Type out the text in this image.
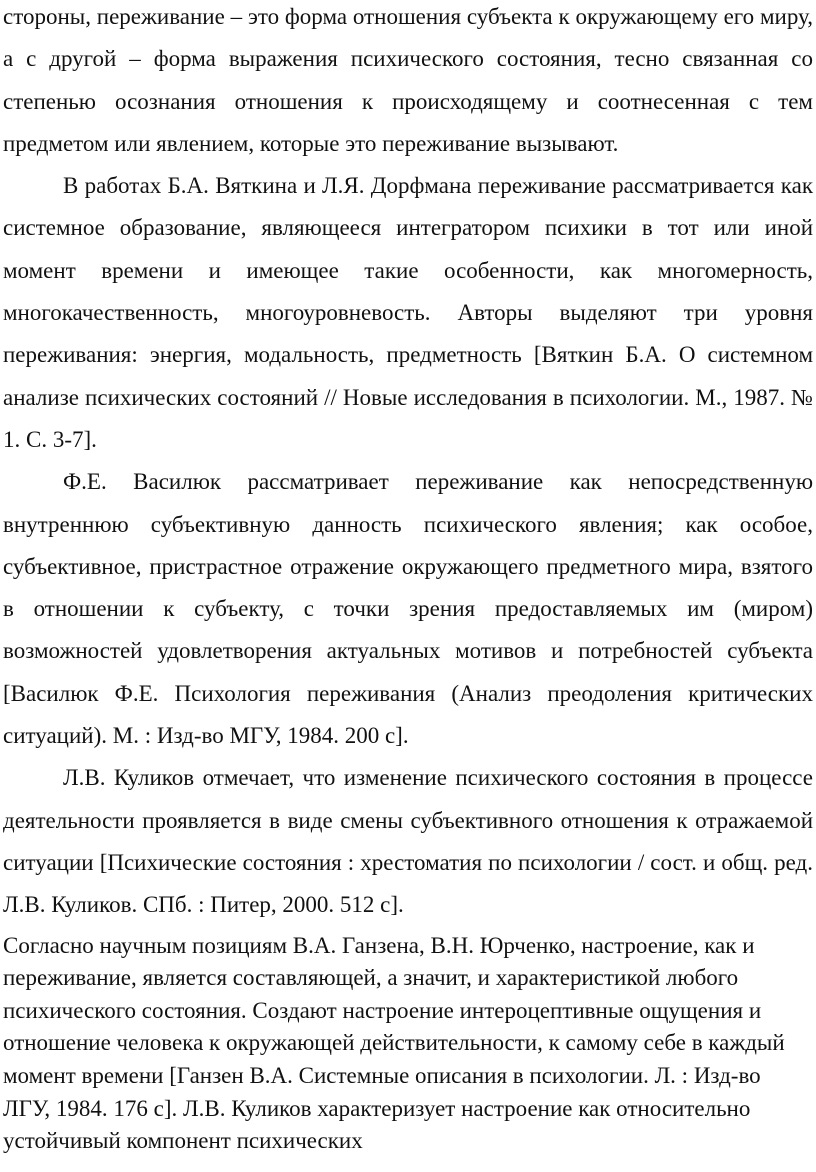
стороны, переживание – это форма отношения субъекта к окружающему его миру, а с другой – форма выражения психического состояния, тесно связанная со степенью осознания отношения к происходящему и соотнесенная с тем предметом или явлением, которые это переживание вызывают.

В работах Б.А. Вяткина и Л.Я. Дорфмана переживание рассматривается как системное образование, являющееся интегратором психики в тот или иной момент времени и имеющее такие особенности, как многомерность, многокачественность, многоуровневость. Авторы выделяют три уровня переживания: энергия, модальность, предметность [Вяткин Б.А. О системном анализе психических состояний // Новые исследования в психологии. М., 1987. № 1. С. 3-7].

Ф.Е. Василюк рассматривает переживание как непосредственную внутреннюю субъективную данность психического явления; как особое, субъективное, пристрастное отражение окружающего предметного мира, взятого в отношении к субъекту, с точки зрения предоставляемых им (миром) возможностей удовлетворения актуальных мотивов и потребностей субъекта [Василюк Ф.Е. Психология переживания (Анализ преодоления критических ситуаций). М. : Изд-во МГУ, 1984. 200 с].

Л.В. Куликов отмечает, что изменение психического состояния в процессе деятельности проявляется в виде смены субъективного отношения к отражаемой ситуации [Психические состояния : хрестоматия по психологии / сост. и общ. ред. Л.В. Куликов. СПб. : Питер, 2000. 512 с].

Согласно научным позициям В.А. Ганзена, В.Н. Юрченко, настроение, как и переживание, является составляющей, а значит, и характеристикой любого психического состояния. Создают настроение интероцептивные ощущения и отношение человека к окружающей действительности, к самому себе в каждый момент времени [Ганзен В.А. Системные описания в психологии. Л. : Изд-во ЛГУ, 1984. 176 с]. Л.В. Куликов характеризует настроение как относительно устойчивый компонент психических
